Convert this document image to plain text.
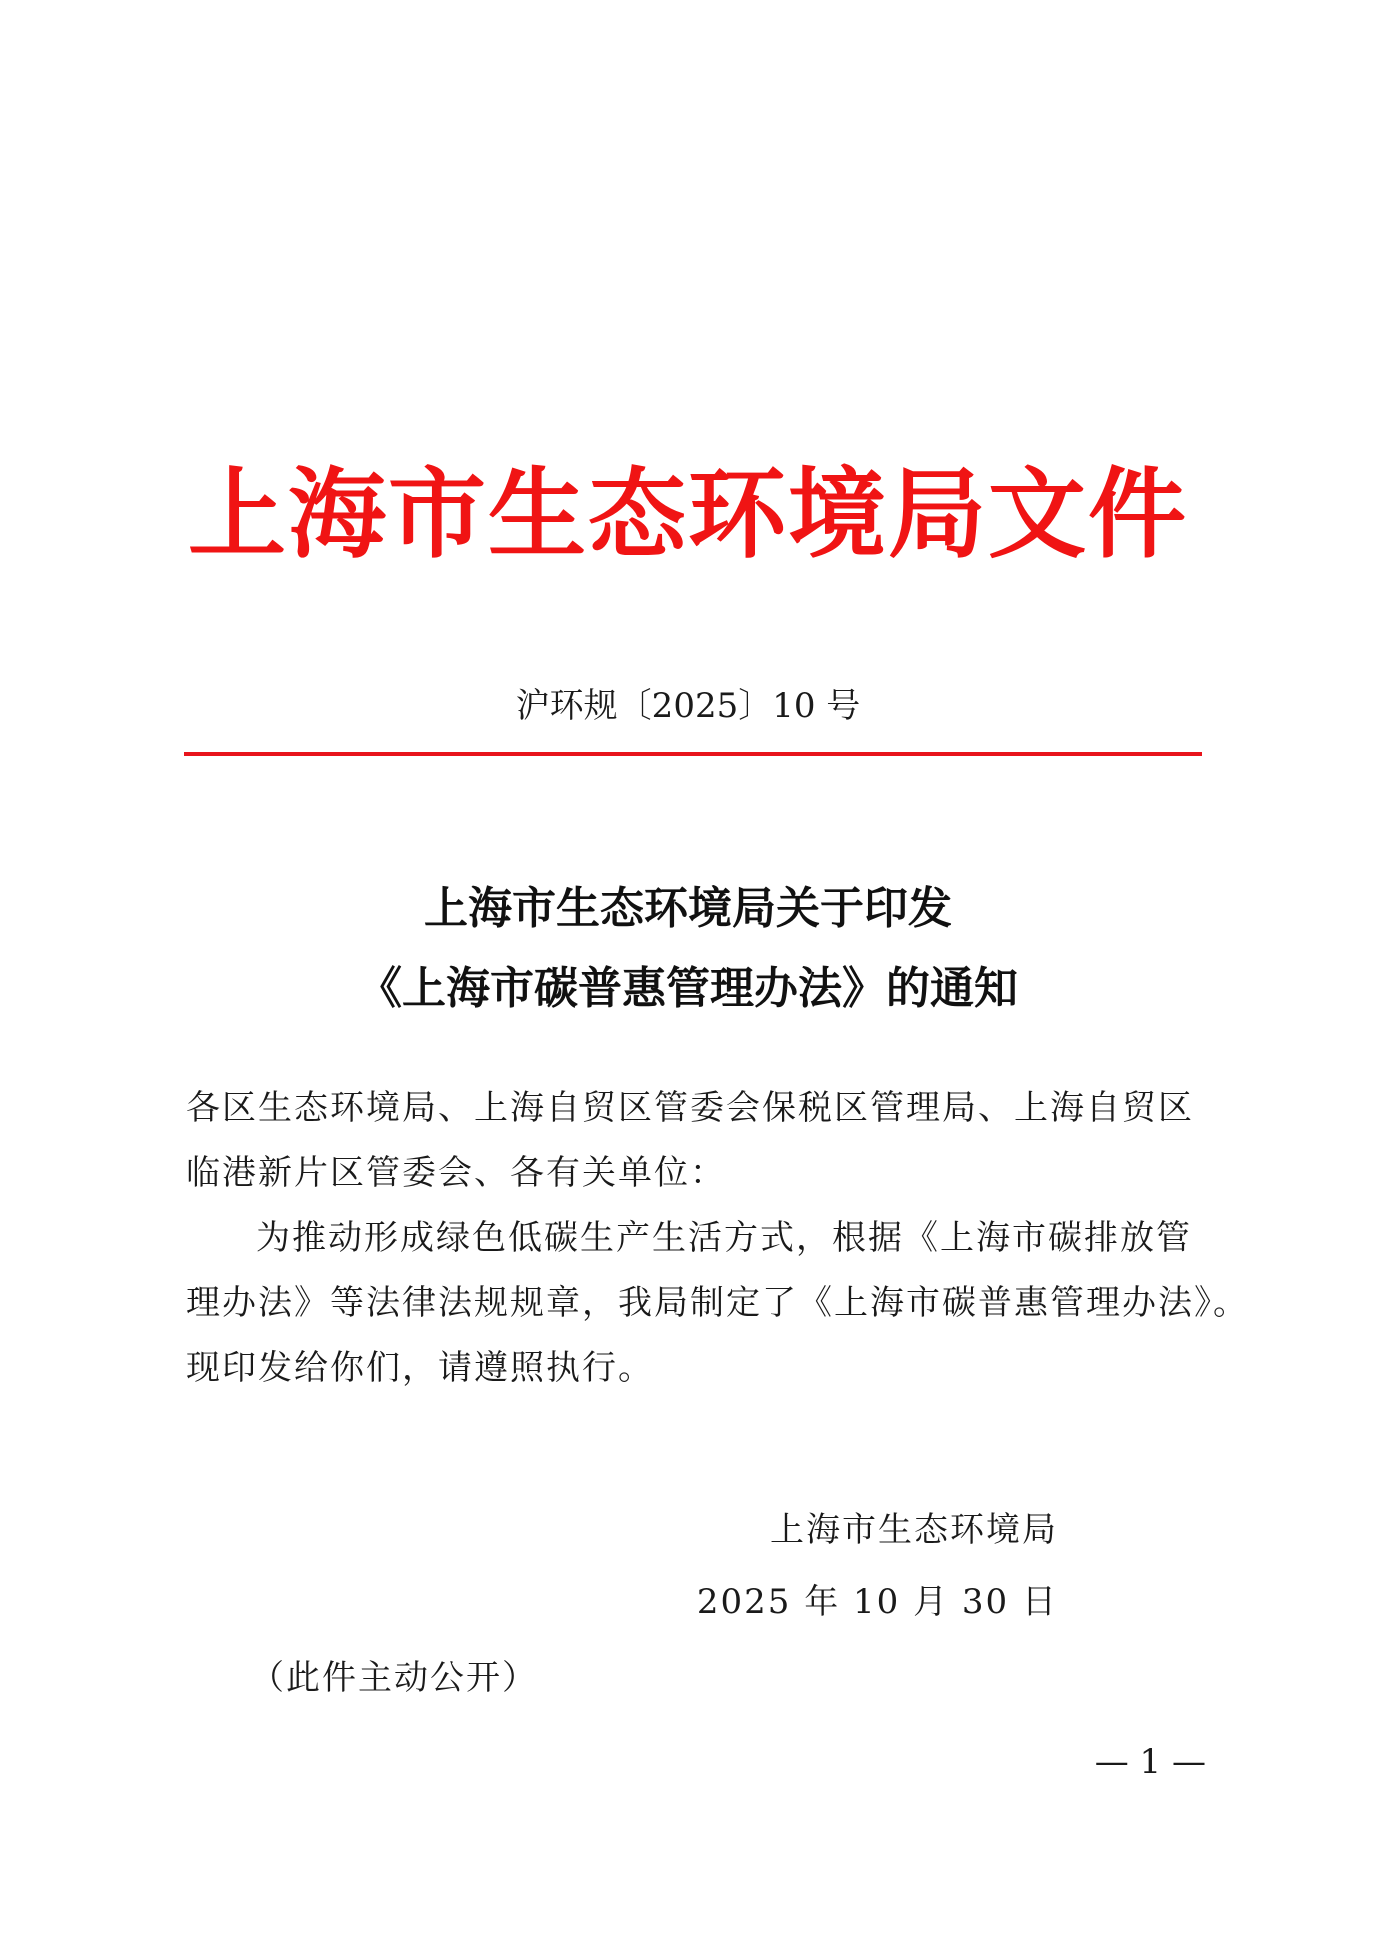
上海市生态环境局文件
沪环规〔2025〕10 号
上海市生态环境局关于印发
《上海市碳普惠管理办法》的通知
各区生态环境局、上海自贸区管委会保税区管理局、上海自贸区
临港新片区管委会、各有关单位：
为推动形成绿色低碳生产生活方式，根据《上海市碳排放管
理办法》等法律法规规章，我局制定了《上海市碳普惠管理办法》。
现印发给你们，请遵照执行。
上海市生态环境局
2025 年 10 月 30 日
（此件主动公开）
— 1 —
